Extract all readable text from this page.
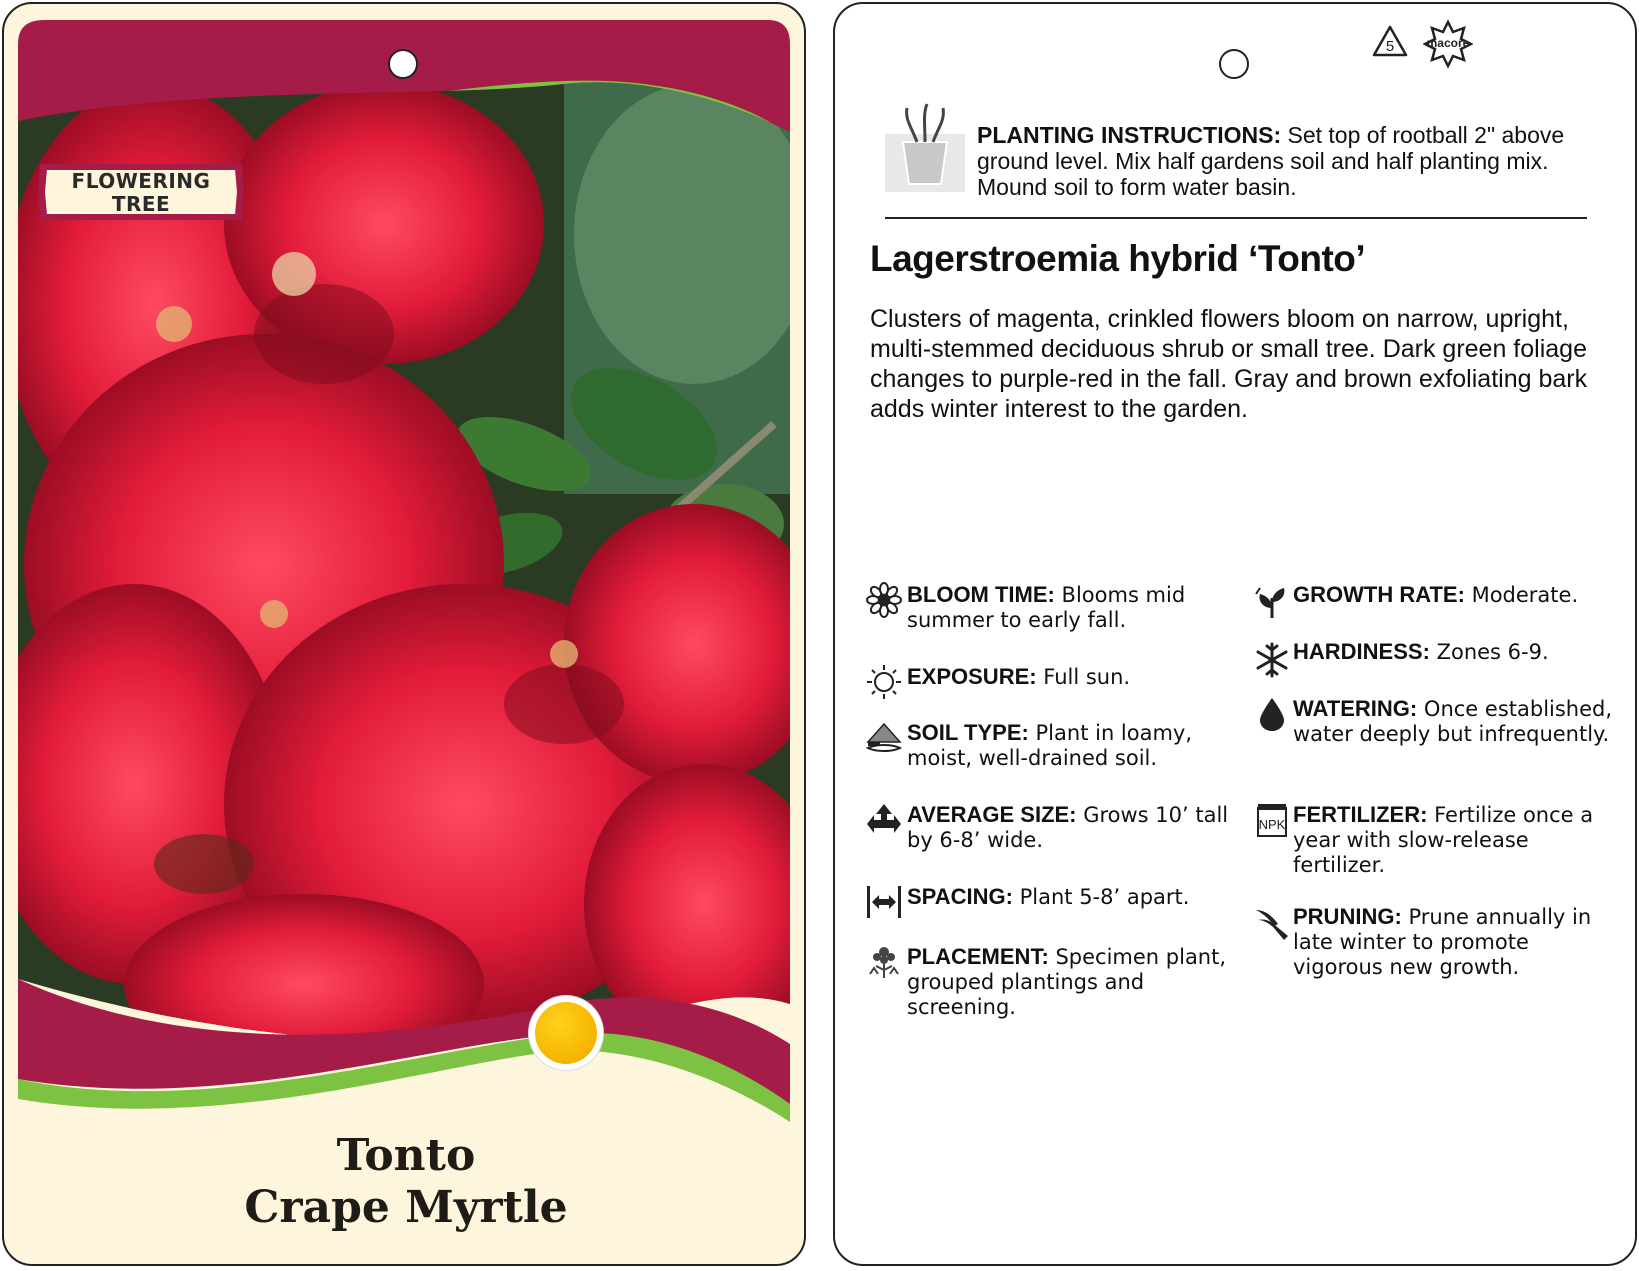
FLOWERING
TREE
Tonto
Crape Myrtle
5	macore
PLANTING INSTRUCTIONS: Set top of rootball 2" above ground level. Mix half gardens soil and half planting mix. Mound soil to form water basin.
Lagerstroemia hybrid ‘Tonto’
Clusters of magenta, crinkled flowers bloom on narrow, upright, multi-stemmed deciduous shrub or small tree. Dark green foliage changes to purple-red in the fall. Gray and brown exfoliating bark adds winter interest to the garden.
BLOOM TIME: Blooms mid summer to early fall.
EXPOSURE: Full sun.
SOIL TYPE: Plant in loamy, moist, well-drained soil.
AVERAGE SIZE: Grows 10’ tall by 6-8’ wide.
SPACING: Plant 5-8’ apart.
PLACEMENT: Specimen plant, grouped plantings and screening.
GROWTH RATE: Moderate.
HARDINESS: Zones 6-9.
WATERING: Once established, water deeply but infrequently.
NPK FERTILIZER: Fertilize once a year with slow-release fertilizer.
PRUNING: Prune annually in late winter to promote vigorous new growth.
